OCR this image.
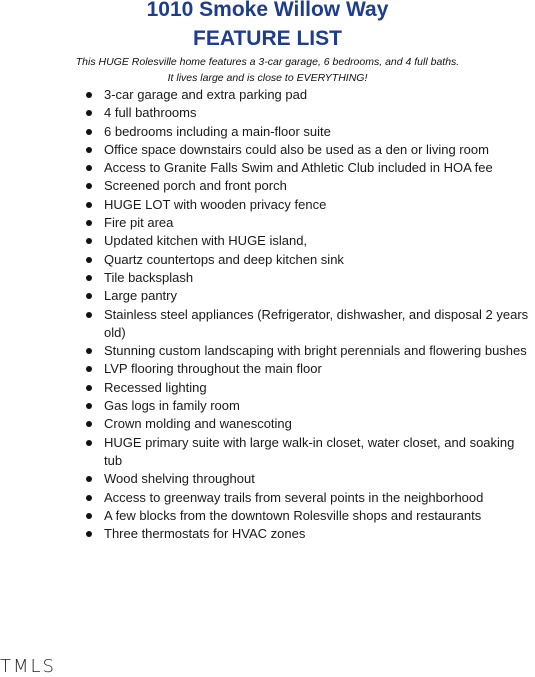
1010 Smoke Willow Way
FEATURE LIST
This HUGE Rolesville home features a 3-car garage, 6 bedrooms, and 4 full baths.
It lives large and is close to EVERYTHING!
3-car garage and extra parking pad
4 full bathrooms
6 bedrooms including a main-floor suite
Office space downstairs could also be used as a den or living room
Access to Granite Falls Swim and Athletic Club included in HOA fee
Screened porch and front porch
HUGE LOT with wooden privacy fence
Fire pit area
Updated kitchen with HUGE island,
Quartz countertops and deep kitchen sink
Tile backsplash
Large pantry
Stainless steel appliances (Refrigerator, dishwasher, and disposal 2 years old)
Stunning custom landscaping with bright perennials and flowering bushes
LVP flooring throughout the main floor
Recessed lighting
Gas logs in family room
Crown molding and wanescoting
HUGE primary suite with large walk-in closet, water closet, and soaking tub
Wood shelving throughout
Access to greenway trails from several points in the neighborhood
A few blocks from the downtown Rolesville shops and restaurants
Three thermostats for HVAC zones
TMLS
